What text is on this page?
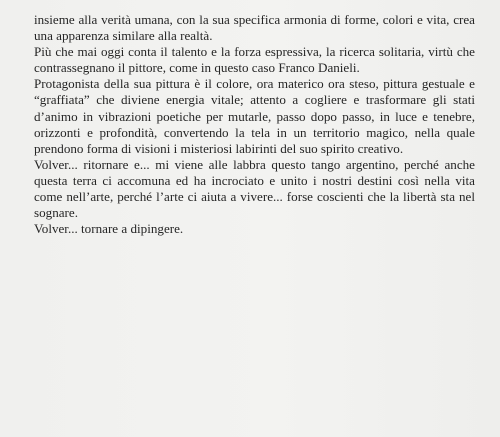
insieme alla verità umana, con la sua specifica armonia di forme, colori e vita, crea una apparenza similare alla realtà.

Più che mai oggi conta il talento e la forza espressiva, la ricerca solitaria, virtù che contrassegnano il pittore, come in questo caso Franco Danieli.

Protagonista della sua pittura è il colore, ora materico ora steso, pittura gestuale e “graffiata” che diviene energia vitale; attento a cogliere e trasformare gli stati d’animo in vibrazioni poetiche per mutarle, passo dopo passo, in luce e tenebre, orizzonti e profondità, convertendo la tela in un territorio magico, nella quale prendono forma di visioni i misteriosi labirinti del suo spirito creativo.

Volver... ritornare e... mi viene alle labbra questo tango argentino, perché anche questa terra ci accomuna ed ha incrociato e unito i nostri destini così nella vita come nell’arte, perché l’arte ci aiuta a vivere... forse coscienti che la libertà sta nel sognare.

Volver... tornare a dipingere.
